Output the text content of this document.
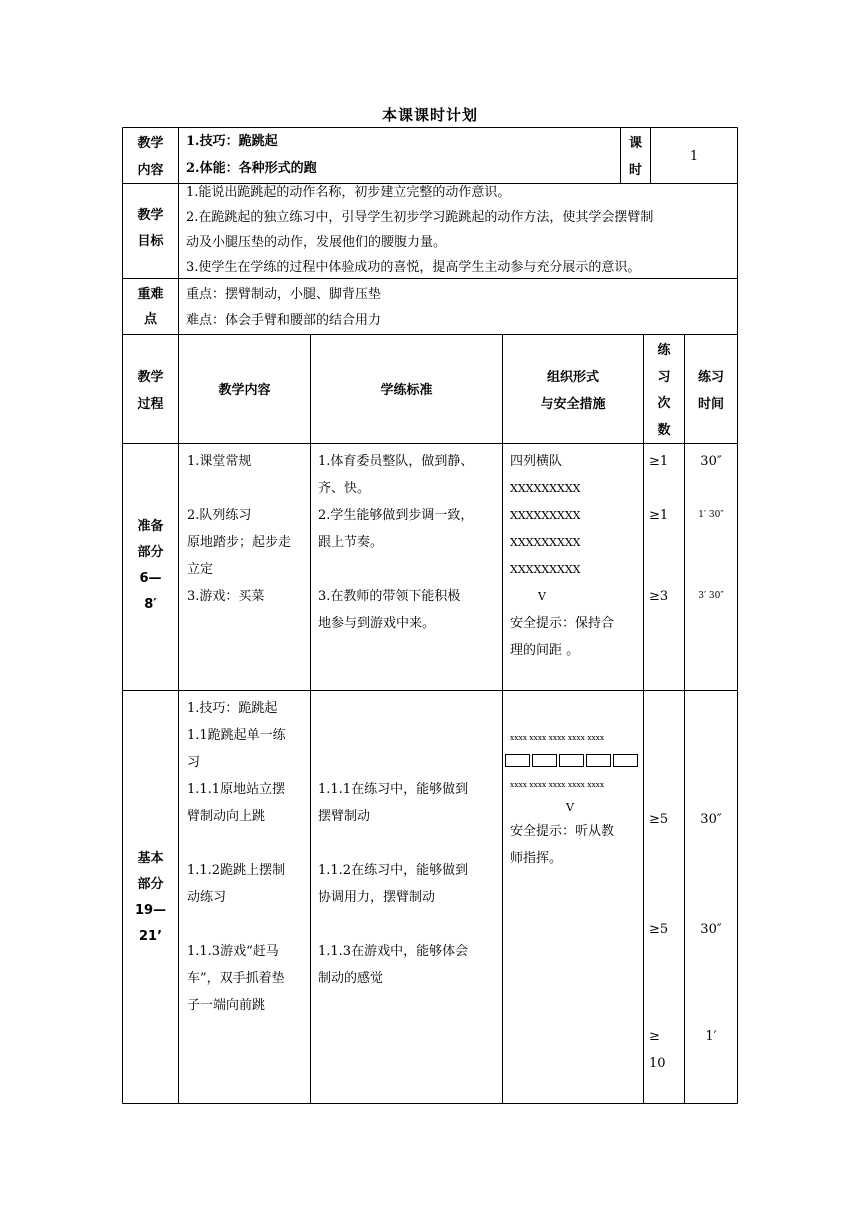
本课课时计划
教学
内容
1.技巧：跪跳起
2.体能：各种形式的跑
课
时
1
教学
目标
1.能说出跪跳起的动作名称，初步建立完整的动作意识。
2.在跪跳起的独立练习中，引导学生初步学习跪跳起的动作方法，使其学会摆臂制
动及小腿压垫的动作，发展他们的腰腹力量。
3.使学生在学练的过程中体验成功的喜悦，提高学生主动参与充分展示的意识。
重难
点
重点：摆臂制动，小腿、脚背压垫
难点：体会手臂和腰部的结合用力
教学
过程
教学内容	学练标准
组织形式
与安全措施
练
习
次
数
练习
时间
准备
部分
6—
8′
1.课堂常规

2.队列练习
原地踏步；起步走
立定
3.游戏：买菜
1.体育委员整队，做到静、
齐、快。
2.学生能够做到步调一致，
跟上节奏。

3.在教师的带领下能积极
地参与到游戏中来。
四列横队
XXXXXXXXX
XXXXXXXXX
XXXXXXXXX
XXXXXXXXX
V
安全提示：保持合
理的间距 。
≥1
≥1
≥3
30″
1′ 30″
3′ 30″
基本
部分
19—
21’
1.技巧：跪跳起
1.1跪跳起单一练
习
1.1.1原地站立摆
臂制动向上跳

1.1.2跪跳上摆制
动练习

1.1.3游戏“赶马
车”，双手抓着垫
子一端向前跳
1.1.1在练习中，能够做到
摆臂制动

1.1.2在练习中，能够做到
协调用力，摆臂制动

1.1.3在游戏中，能够体会
制动的感觉
xxxx xxxx xxxx xxxx xxxx
xxxx xxxx xxxx xxxx xxxx
V
安全提示：听从教
师指挥。
≥5
≥5
≥
10
30″
30″
1′
